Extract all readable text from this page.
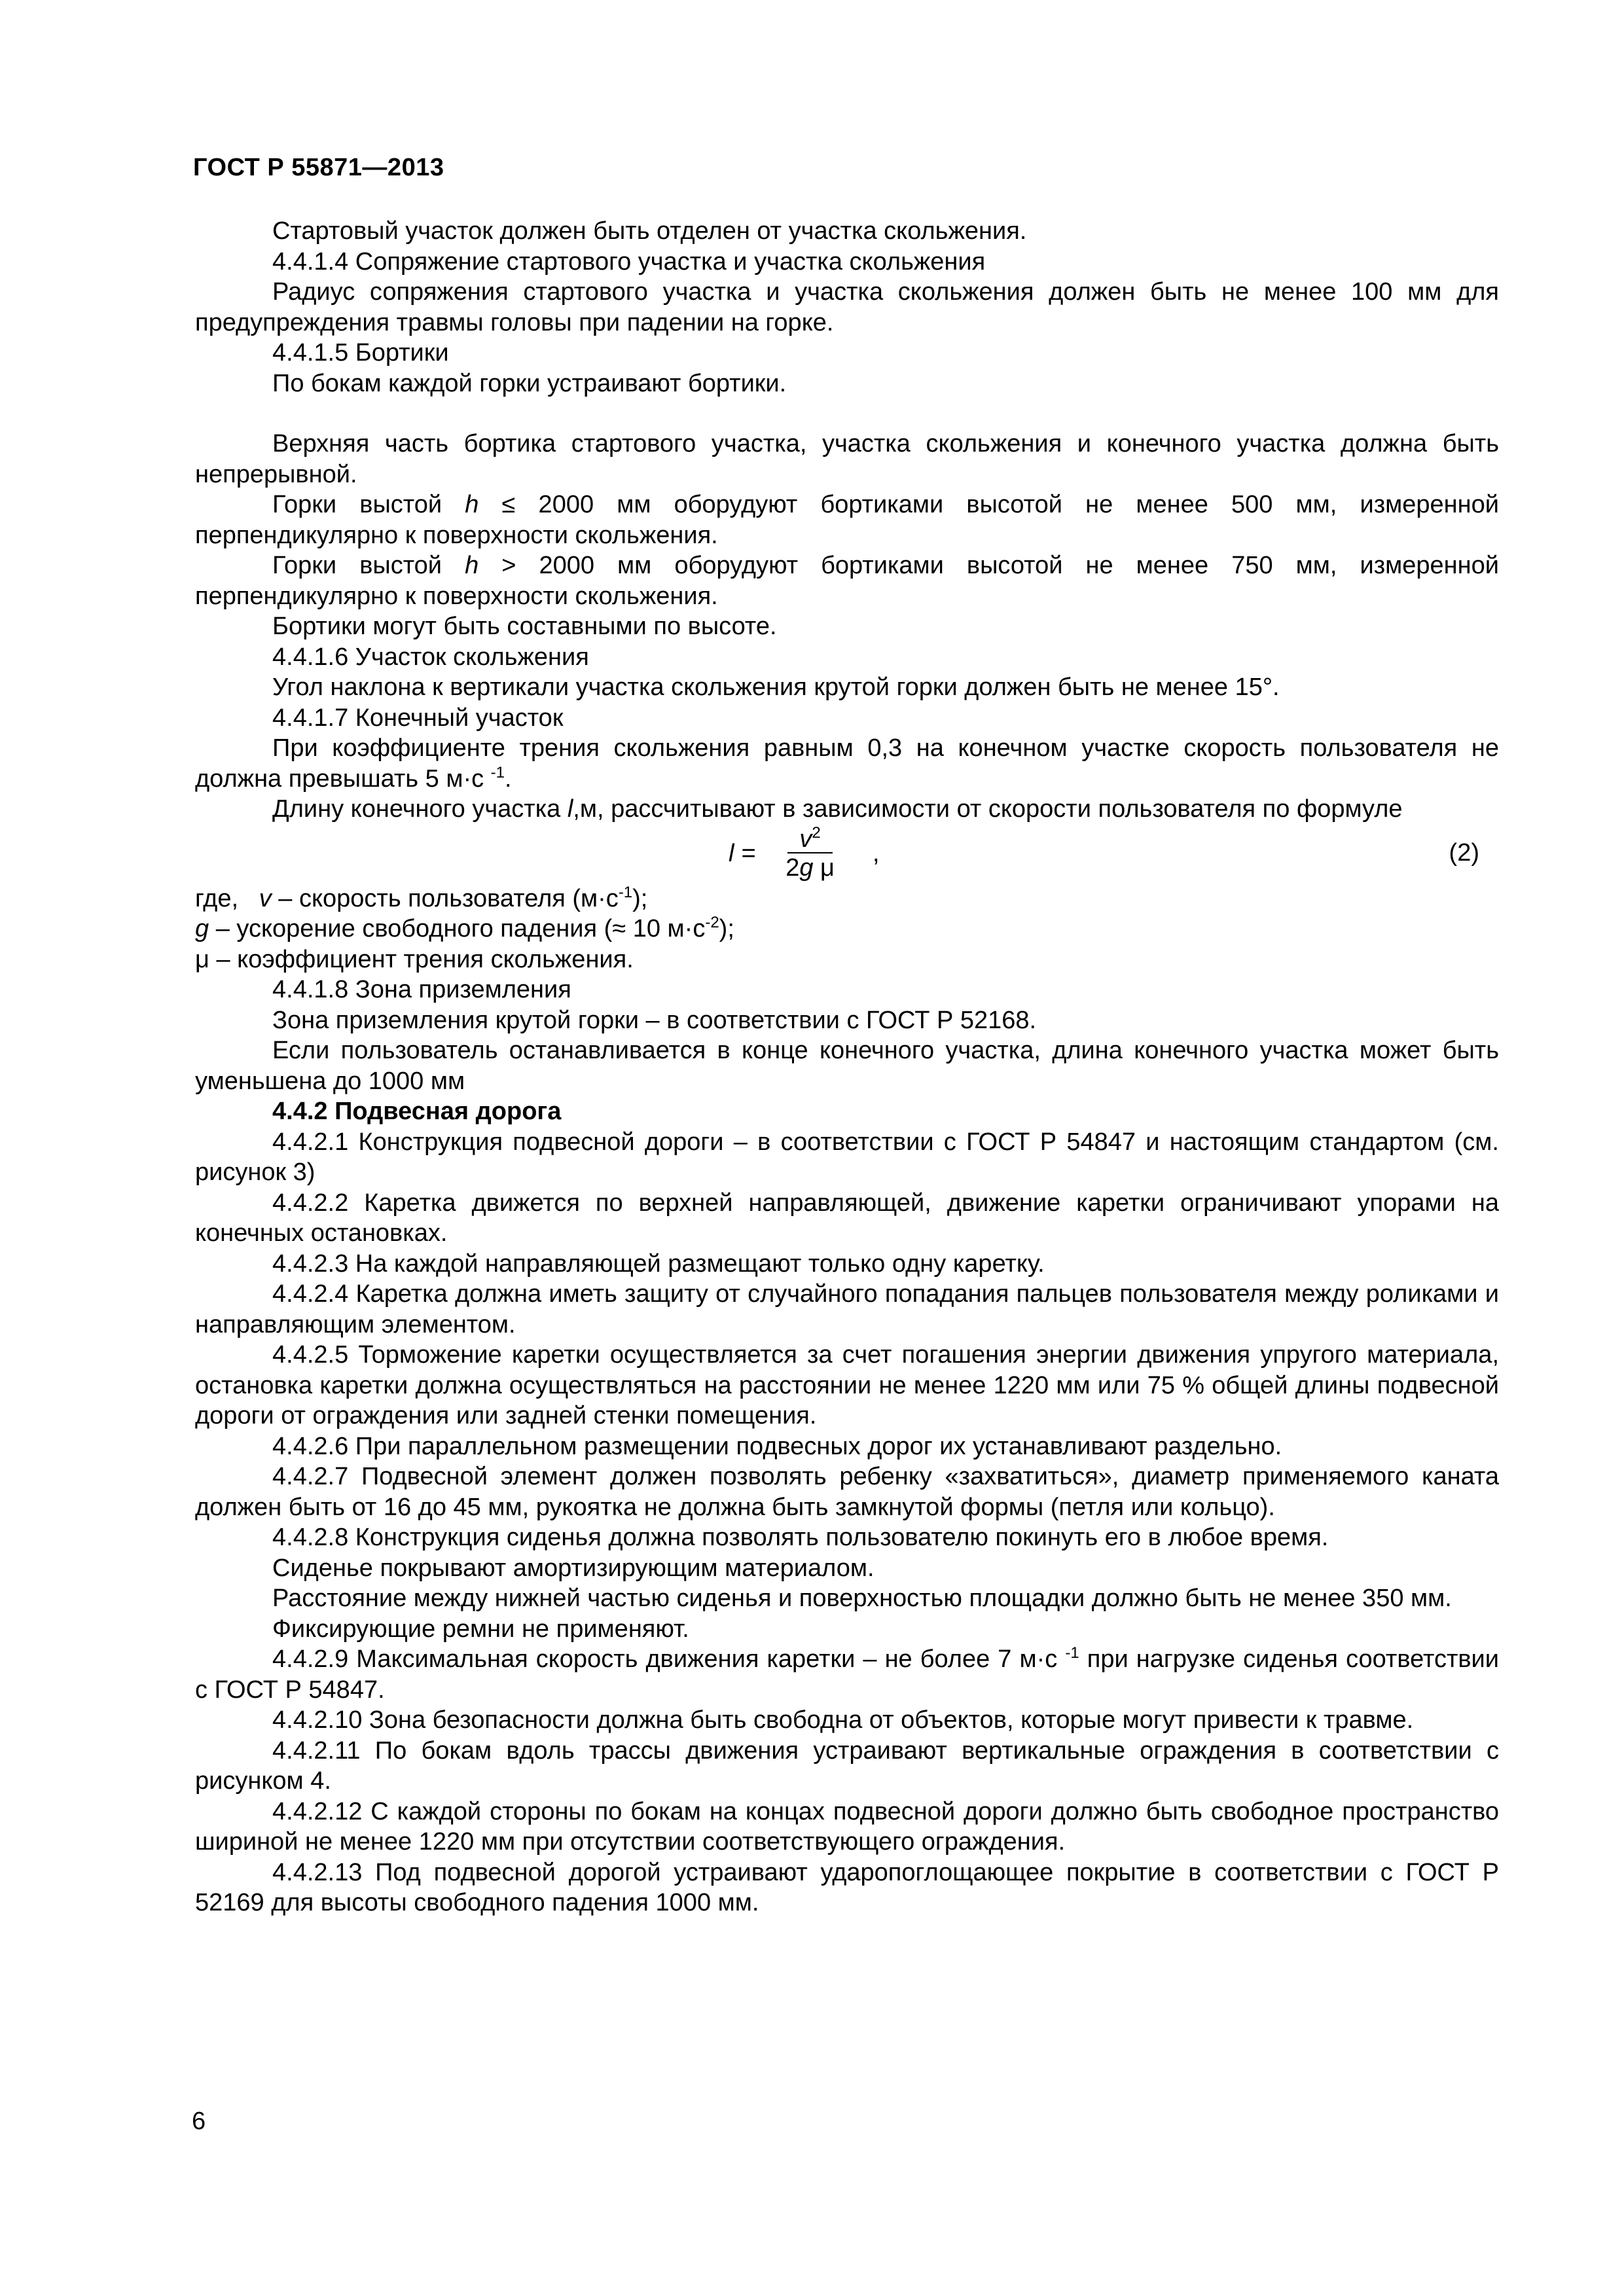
ГОСТ Р 55871—2013

Стартовый участок должен быть отделен от участка скольжения.

4.4.1.4 Сопряжение стартового участка и участка скольжения

Радиус сопряжения стартового участка и участка скольжения должен быть не менее 100 мм для предупреждения травмы головы при падении на горке.

4.4.1.5 Бортики

По бокам каждой горки устраивают бортики.

Верхняя часть бортика стартового участка, участка скольжения и конечного участка должна быть непрерывной.

Горки выстой h ≤ 2000 мм оборудуют бортиками высотой не менее 500 мм, измеренной перпендикулярно к поверхности скольжения.

Горки выстой h > 2000 мм оборудуют бортиками высотой не менее 750 мм, измеренной перпендикулярно к поверхности скольжения.

Бортики могут быть составными по высоте.

4.4.1.6 Участок скольжения

Угол наклона к вертикали участка скольжения крутой горки должен быть не менее 15°.

4.4.1.7 Конечный участок

При коэффициенте трения скольжения равным 0,3 на конечном участке скорость пользователя не должна превышать 5 м·с $^{-1}$.

Длину конечного участка l,м, рассчитывают в зависимости от скорости пользователя по формуле

$l = \frac{v^2}{\text{2g μ}}$ ,	(2)

где, v – скорость пользователя $(м\cdot с^{-1})$;

g – ускорение свободного падения (≈ 10 $м\cdot с^{-2}$);

μ – коэффициент трения скольжения.

4.4.1.8 Зона приземления

Зона приземления крутой горки – в соответствии с ГОСТ Р 52168.

Если пользователь останавливается в конце конечного участка, длина конечного участка может быть уменьшена до 1000 мм

4.4.2 Подвесная дорога

4.4.2.1 Конструкция подвесной дороги – в соответствии с ГОСТ Р 54847 и настоящим стандартом (см. рисунок 3)

4.4.2.2 Каретка движется по верхней направляющей, движение каретки ограничивают упорами на конечных остановках.

4.4.2.3 На каждой направляющей размещают только одну каретку.

4.4.2.4 Каретка должна иметь защиту от случайного попадания пальцев пользователя между роликами и направляющим элементом.

4.4.2.5 Торможение каретки осуществляется за счет погашения энергии движения упругого материала, остановка каретки должна осуществляться на расстоянии не менее 1220 мм или 75 % общей длины подвесной дороги от ограждения или задней стенки помещения.

4.4.2.6 При параллельном размещении подвесных дорог их устанавливают раздельно.

4.4.2.7 Подвесной элемент должен позволять ребенку «захватиться», диаметр применяемого каната должен быть от 16 до 45 мм, рукоятка не должна быть замкнутой формы (петля или кольцо).

4.4.2.8 Конструкция сиденья должна позволять пользователю покинуть его в любое время.

Сиденье покрывают амортизирующим материалом.

Расстояние между нижней частью сиденья и поверхностью площадки должно быть не менее 350 мм.

Фиксирующие ремни не применяют.

4.4.2.9 Максимальная скорость движения каретки – не более 7 м·с $^{-1}$ при нагрузке сиденья соответствии с ГОСТ Р 54847.

4.4.2.10 Зона безопасности должна быть свободна от объектов, которые могут привести к травме.

4.4.2.11 По бокам вдоль трассы движения устраивают вертикальные ограждения в соответствии с рисунком 4.

4.4.2.12 С каждой стороны по бокам на концах подвесной дороги должно быть свободное пространство шириной не менее 1220 мм при отсутствии соответствующего ограждения.

4.4.2.13 Под подвесной дорогой устраивают ударопоглощающее покрытие в соответствии с ГОСТ Р 52169 для высоты свободного падения 1000 мм.

6
